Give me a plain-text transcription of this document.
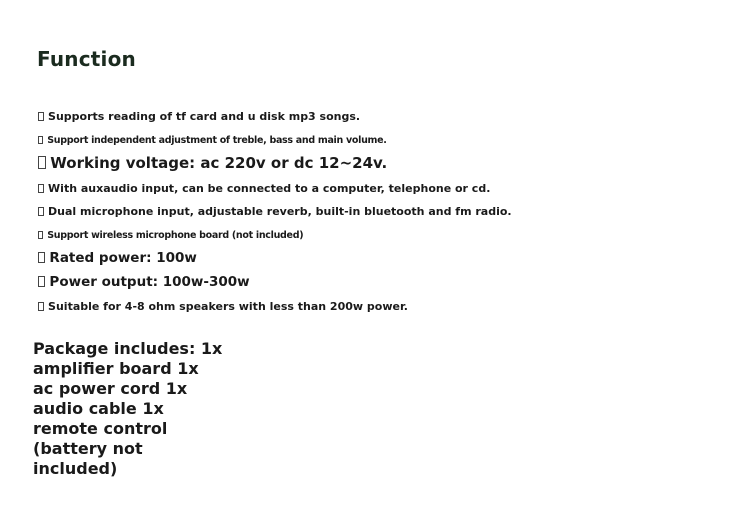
Function
Supports reading of tf card and u disk mp3 songs.
Support independent adjustment of treble, bass and main volume.
Working voltage: ac 220v or dc 12~24v.
With auxaudio input, can be connected to a computer, telephone or cd.
Dual microphone input, adjustable reverb, built-in bluetooth and fm radio.
Support wireless microphone board (not included)
Rated power: 100w
Power output: 100w-300w
Suitable for 4-8 ohm speakers with less than 200w power.
Package includes: 1x amplifier board 1x ac power cord 1x audio cable 1x remote control (battery not included)
